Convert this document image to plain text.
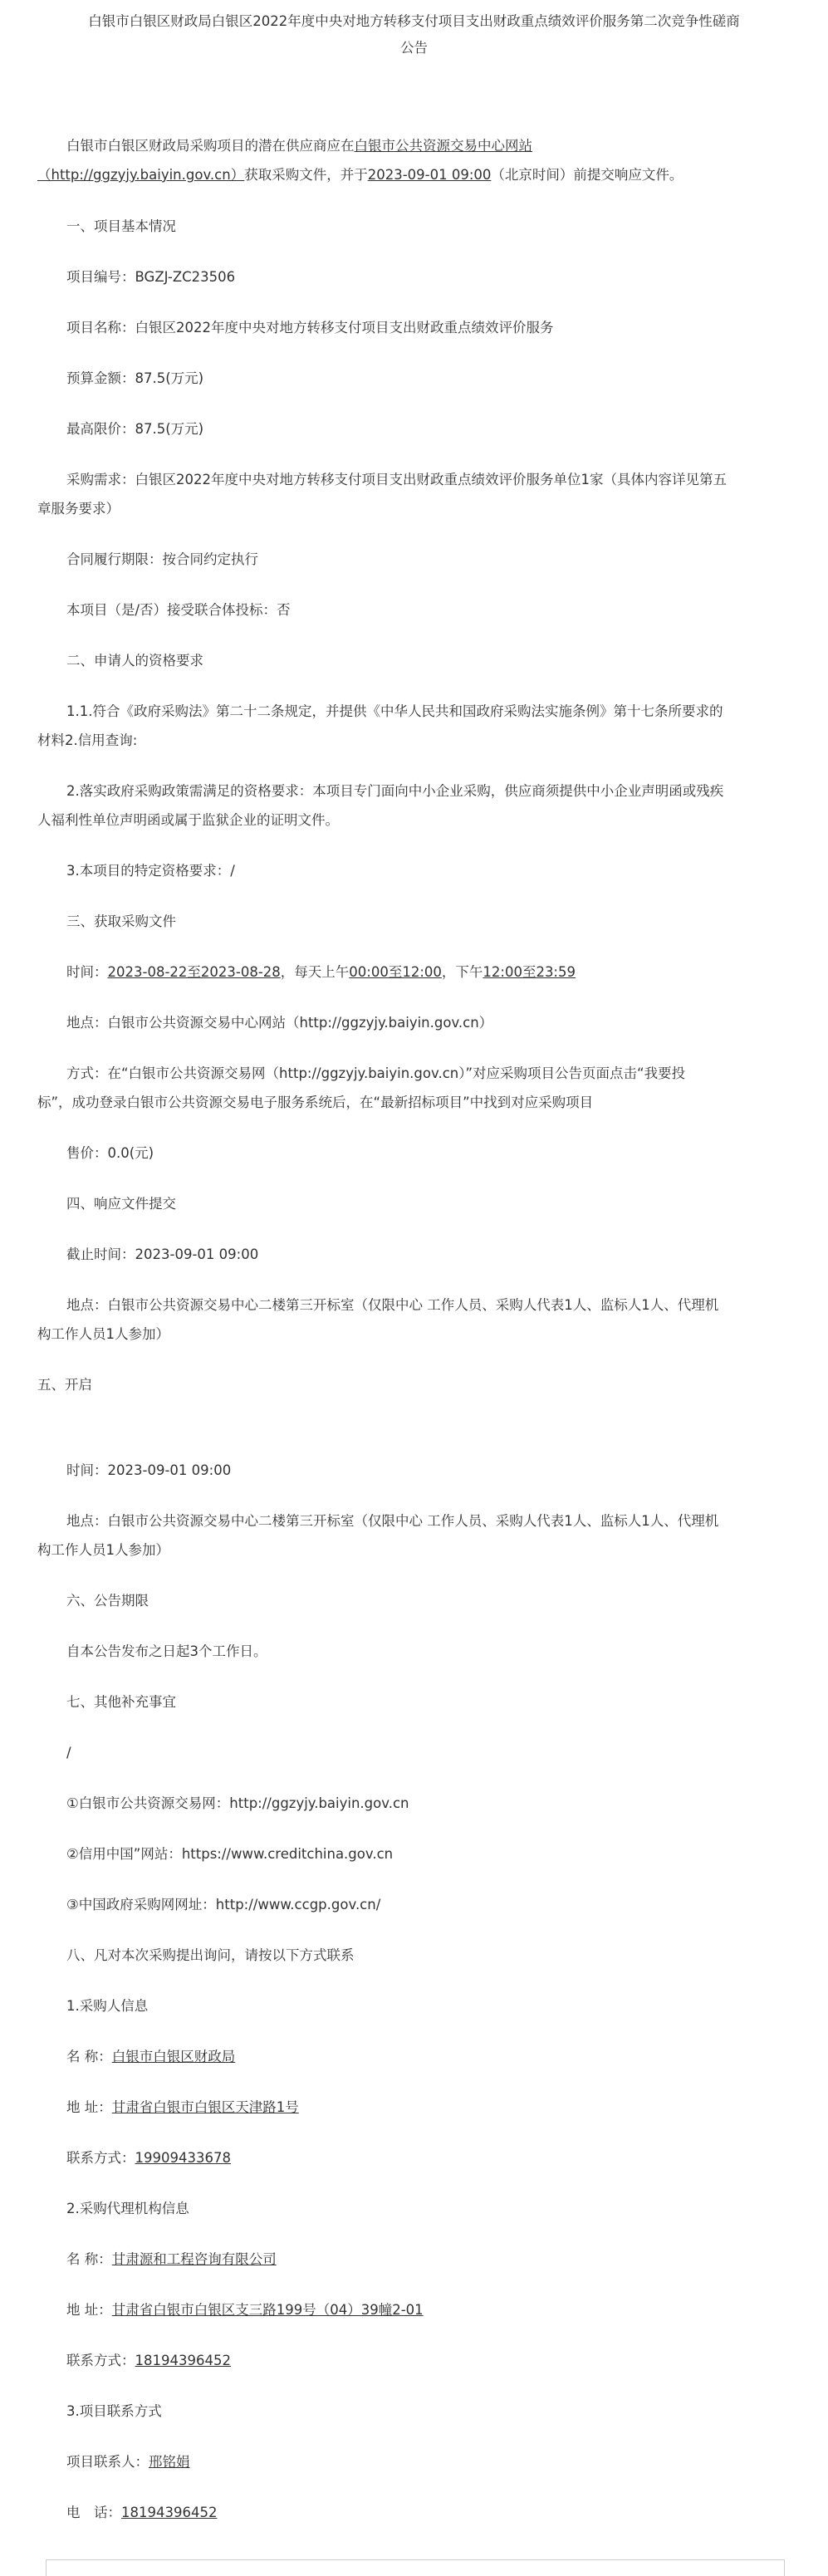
白银市白银区财政局白银区2022年度中央对地方转移支付项目支出财政重点绩效评价服务第二次竞争性磋商
公告
白银市白银区财政局采购项目的潜在供应商应在白银市公共资源交易中心网站
（http://ggzyjy.baiyin.gov.cn）获取采购文件，并于2023-09-01 09:00（北京时间）前提交响应文件。
一、项目基本情况
项目编号：BGZJ-ZC23506
项目名称：白银区2022年度中央对地方转移支付项目支出财政重点绩效评价服务
预算金额：87.5(万元)
最高限价：87.5(万元)
采购需求：白银区2022年度中央对地方转移支付项目支出财政重点绩效评价服务单位1家（具体内容详见第五
章服务要求）
合同履行期限：按合同约定执行
本项目（是/否）接受联合体投标：否
二、申请人的资格要求
1.1.符合《政府采购法》第二十二条规定，并提供《中华人民共和国政府采购法实施条例》第十七条所要求的
材料2.信用查询:
2.落实政府采购政策需满足的资格要求：本项目专门面向中小企业采购，供应商须提供中小企业声明函或残疾
人福利性单位声明函或属于监狱企业的证明文件。
3.本项目的特定资格要求：/
三、获取采购文件
时间：2023-08-22至2023-08-28，每天上午00:00至12:00，下午12:00至23:59
地点：白银市公共资源交易中心网站（http://ggzyjy.baiyin.gov.cn）
方式：在“白银市公共资源交易网（http://ggzyjy.baiyin.gov.cn）”对应采购项目公告页面点击“我要投
标”，成功登录白银市公共资源交易电子服务系统后，在“最新招标项目”中找到对应采购项目
售价：0.0(元)
四、响应文件提交
截止时间：2023-09-01 09:00
地点：白银市公共资源交易中心二楼第三开标室（仅限中心 工作人员、采购人代表1人、监标人1人、代理机
构工作人员1人参加）
五、开启
时间：2023-09-01 09:00
地点：白银市公共资源交易中心二楼第三开标室（仅限中心 工作人员、采购人代表1人、监标人1人、代理机
构工作人员1人参加）
六、公告期限
自本公告发布之日起3个工作日。
七、其他补充事宜
/
①白银市公共资源交易网：http://ggzyjy.baiyin.gov.cn
②信用中国”网站：https://www.creditchina.gov.cn
③中国政府采购网网址：http://www.ccgp.gov.cn/
八、凡对本次采购提出询问，请按以下方式联系
1.采购人信息
名 称：白银市白银区财政局
地 址：甘肃省白银市白银区天津路1号
联系方式：19909433678
2.采购代理机构信息
名 称：甘肃源和工程咨询有限公司
地 址：甘肃省白银市白银区支三路199号（04）39幢2-01
联系方式：18194396452
3.项目联系方式
项目联系人：邢铭娟
电　话：18194396452
